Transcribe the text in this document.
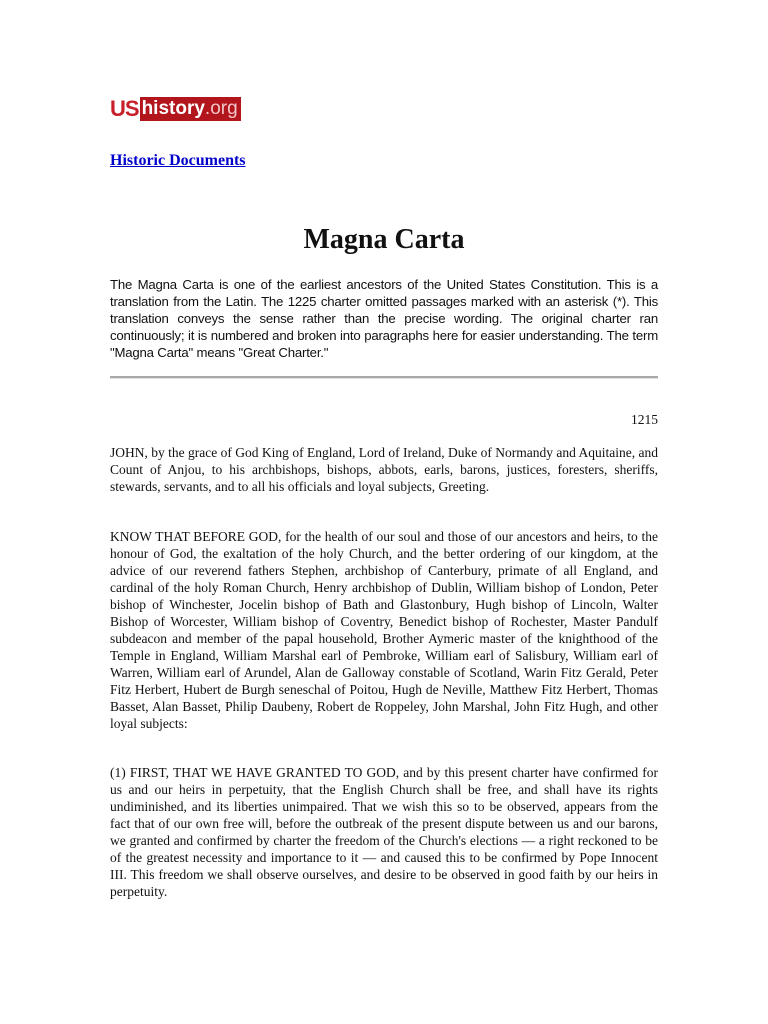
US history.org
Historic Documents
Magna Carta

The Magna Carta is one of the earliest ancestors of the United States Constitution. This is a translation from the Latin. The 1225 charter omitted passages marked with an asterisk (*). This translation conveys the sense rather than the precise wording. The original charter ran continuously; it is numbered and broken into paragraphs here for easier understanding. The term "Magna Carta" means "Great Charter."

1215

JOHN, by the grace of God King of England, Lord of Ireland, Duke of Normandy and Aquitaine, and Count of Anjou, to his archbishops, bishops, abbots, earls, barons, justices, foresters, sheriffs, stewards, servants, and to all his officials and loyal subjects, Greeting.

KNOW THAT BEFORE GOD, for the health of our soul and those of our ancestors and heirs, to the honour of God, the exaltation of the holy Church, and the better ordering of our kingdom, at the advice of our reverend fathers Stephen, archbishop of Canterbury, primate of all England, and cardinal of the holy Roman Church, Henry archbishop of Dublin, William bishop of London, Peter bishop of Winchester, Jocelin bishop of Bath and Glastonbury, Hugh bishop of Lincoln, Walter Bishop of Worcester, William bishop of Coventry, Benedict bishop of Rochester, Master Pandulf subdeacon and member of the papal household, Brother Aymeric master of the knighthood of the Temple in England, William Marshal earl of Pembroke, William earl of Salisbury, William earl of Warren, William earl of Arundel, Alan de Galloway constable of Scotland, Warin Fitz Gerald, Peter Fitz Herbert, Hubert de Burgh seneschal of Poitou, Hugh de Neville, Matthew Fitz Herbert, Thomas Basset, Alan Basset, Philip Daubeny, Robert de Roppeley, John Marshal, John Fitz Hugh, and other loyal subjects:

(1) FIRST, THAT WE HAVE GRANTED TO GOD, and by this present charter have confirmed for us and our heirs in perpetuity, that the English Church shall be free, and shall have its rights undiminished, and its liberties unimpaired. That we wish this so to be observed, appears from the fact that of our own free will, before the outbreak of the present dispute between us and our barons, we granted and confirmed by charter the freedom of the Church's elections — a right reckoned to be of the greatest necessity and importance to it — and caused this to be confirmed by Pope Innocent III. This freedom we shall observe ourselves, and desire to be observed in good faith by our heirs in perpetuity.
